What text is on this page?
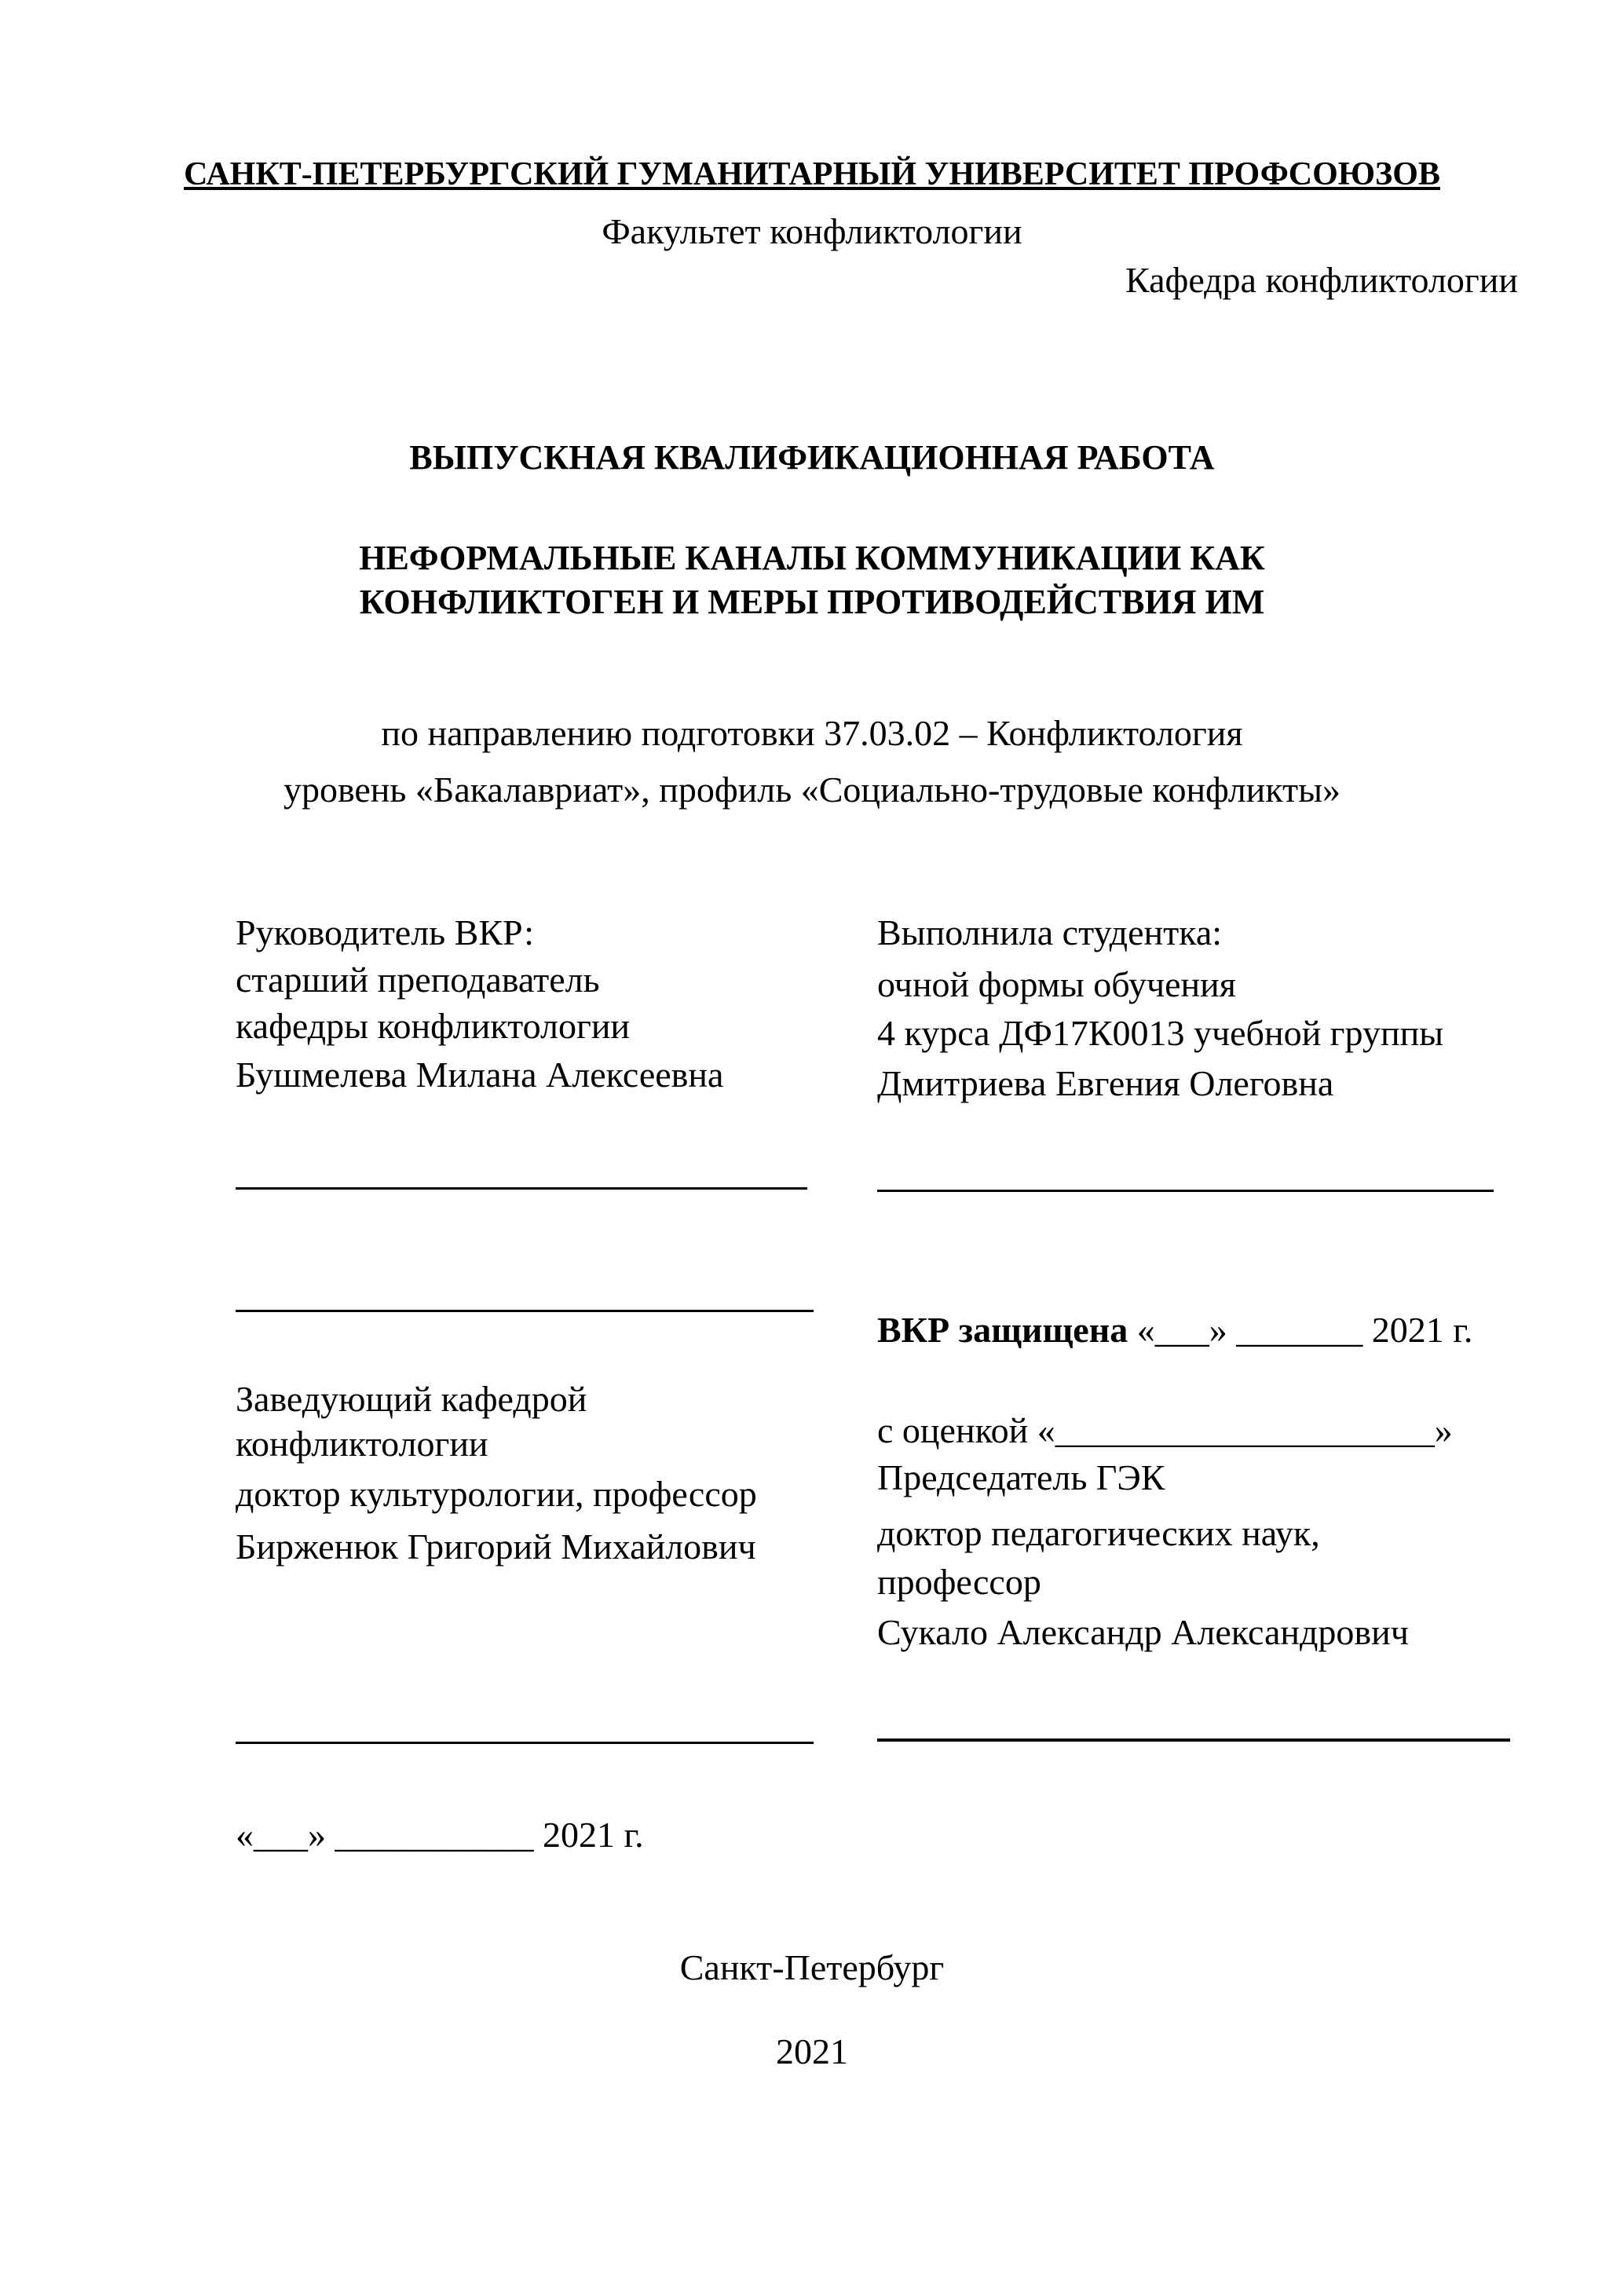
САНКТ-ПЕТЕРБУРГСКИЙ ГУМАНИТАРНЫЙ УНИВЕРСИТЕТ ПРОФСОЮЗОВ
Факультет конфликтологии
Кафедра конфликтологии
ВЫПУСКНАЯ КВАЛИФИКАЦИОННАЯ РАБОТА
НЕФОРМАЛЬНЫЕ КАНАЛЫ КОММУНИКАЦИИ КАК
КОНФЛИКТОГЕН И МЕРЫ ПРОТИВОДЕЙСТВИЯ ИМ
по направлению подготовки 37.03.02 – Конфликтология
уровень «Бакалавриат», профиль «Социально-трудовые конфликты»
Руководитель ВКР:
старший преподаватель
кафедры конфликтологии
Бушмелева Милана Алексеевна
Выполнила студентка:
очной формы обучения
4 курса ДФ17К0013 учебной группы
Дмитриева Евгения Олеговна
ВКР защищена «___» _______ 2021 г.
Заведующий кафедрой
конфликтологии
доктор культурологии, профессор
Бирженюк Григорий Михайлович
с оценкой «_____________________»
Председатель ГЭК
доктор педагогических наук,
профессор
Сукало Александр Александрович
«___» ___________ 2021 г.
Санкт-Петербург
2021
